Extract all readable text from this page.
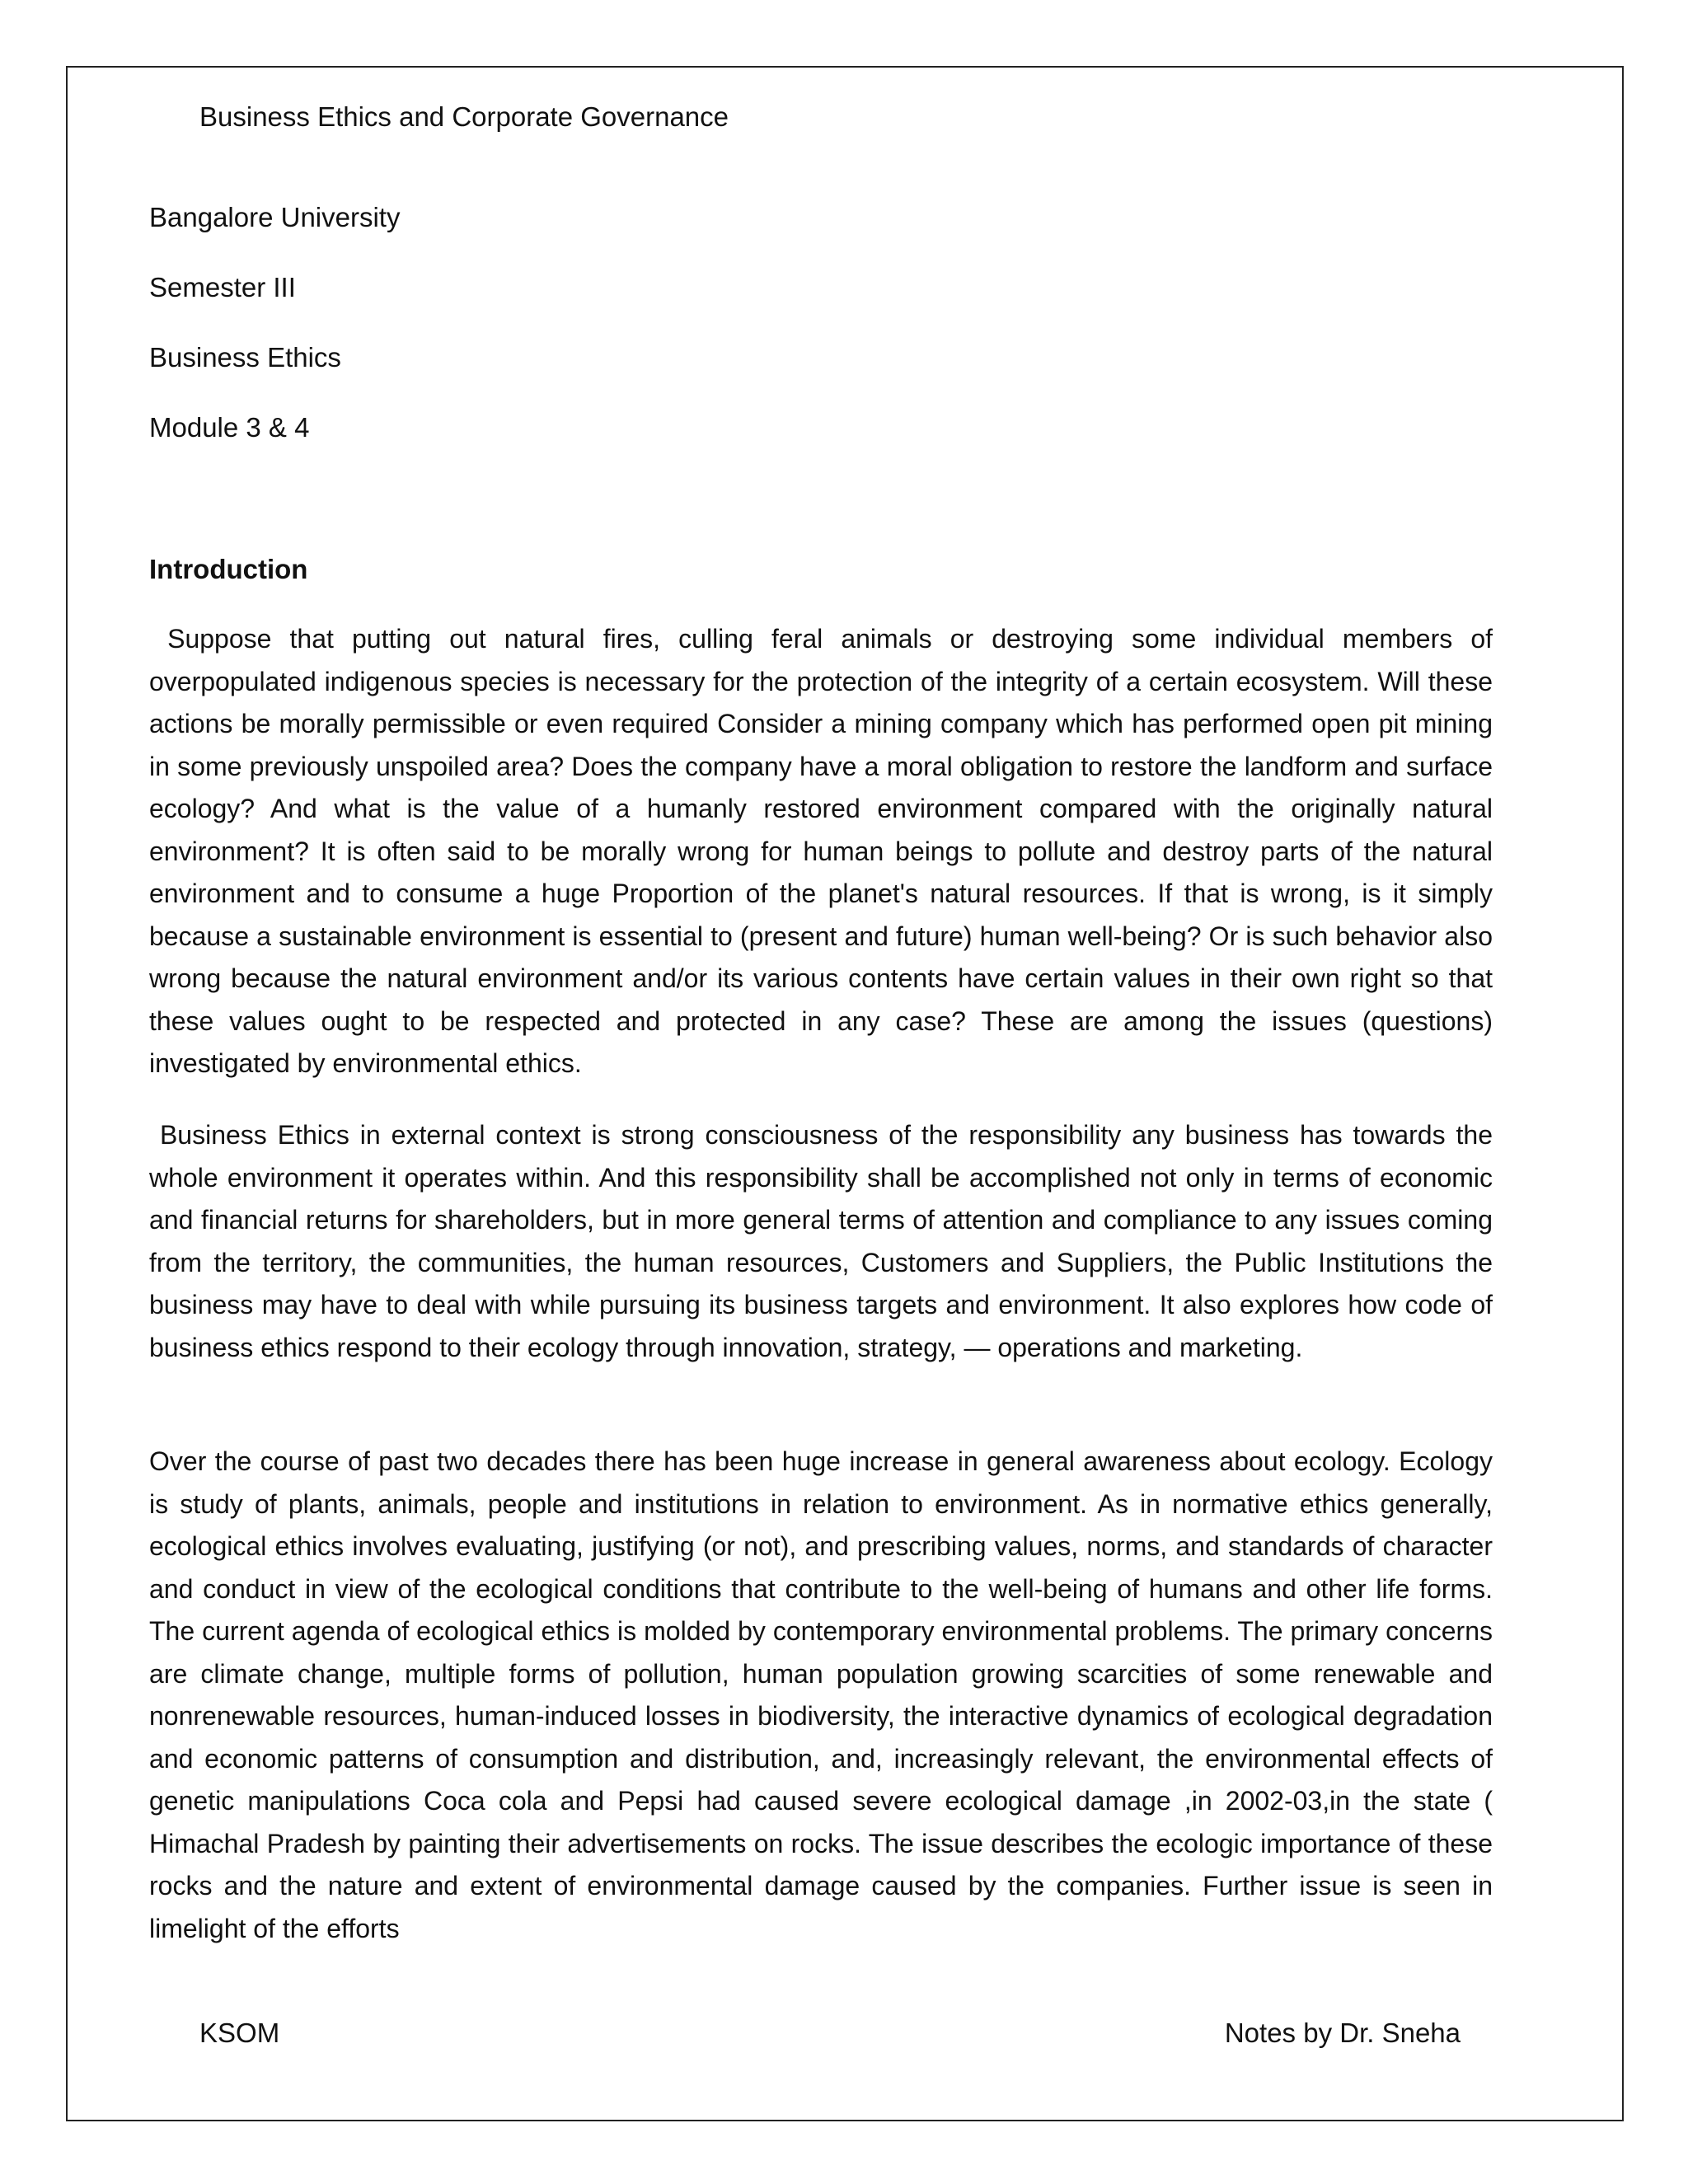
Business Ethics and Corporate Governance
Bangalore University
Semester III
Business Ethics
Module 3 & 4
Introduction

Suppose that putting out natural fires, culling feral animals or destroying some individual members of overpopulated indigenous species is necessary for the protection of the integrity of a certain ecosystem. Will these actions be morally permissible or even required Consider a mining company which has performed open pit mining in some previously unspoiled area? Does the company have a moral obligation to restore the landform and surface ecology? And what is the value of a humanly restored environment compared with the originally natural environment? It is often said to be morally wrong for human beings to pollute and destroy parts of the natural environment and to consume a huge Proportion of the planet's natural resources. If that is wrong, is it simply because a sustainable environment is essential to (present and future) human well-being? Or is such behavior also wrong because the natural environment and/or its various contents have certain values in their own right so that these values ought to be respected and protected in any case? These are among the issues (questions) investigated by environmental ethics.

Business Ethics in external context is strong consciousness of the responsibility any business has towards the whole environment it operates within. And this responsibility shall be accomplished not only in terms of economic and financial returns for shareholders, but in more general terms of attention and compliance to any issues coming from the territory, the communities, the human resources, Customers and Suppliers, the Public Institutions the business may have to deal with while pursuing its business targets and environment. It also explores how code of business ethics respond to their ecology through innovation, strategy, — operations and marketing.

Over the course of past two decades there has been huge increase in general awareness about ecology. Ecology is study of plants, animals, people and institutions in relation to environment. As in normative ethics generally, ecological ethics involves evaluating, justifying (or not), and prescribing values, norms, and standards of character and conduct in view of the ecological conditions that contribute to the well-being of humans and other life forms. The current agenda of ecological ethics is molded by contemporary environmental problems. The primary concerns are climate change, multiple forms of pollution, human population growing scarcities of some renewable and nonrenewable resources, human-induced losses in biodiversity, the interactive dynamics of ecological degradation and economic patterns of consumption and distribution, and, increasingly relevant, the environmental effects of genetic manipulations Coca cola and Pepsi had caused severe ecological damage ,in 2002-03,in the state ( Himachal Pradesh by painting their advertisements on rocks. The issue describes the ecologic importance of these rocks and the nature and extent of environmental damage caused by the companies. Further issue is seen in limelight of the efforts

KSOM	Notes by Dr. Sneha
